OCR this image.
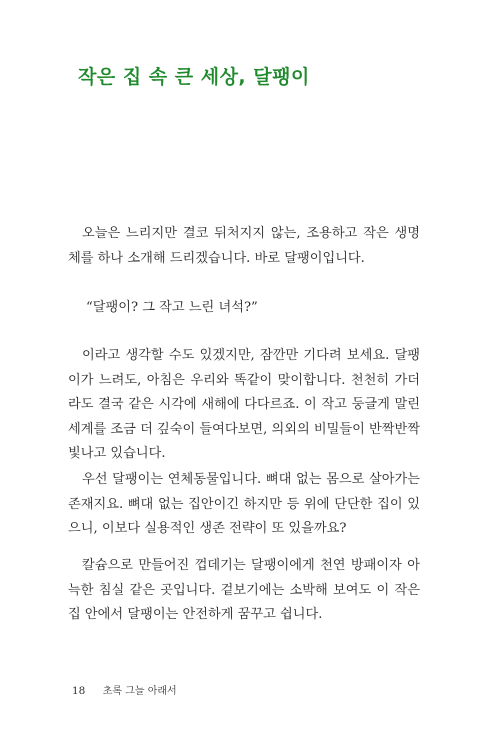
작은 집 속 큰 세상, 달팽이

오늘은 느리지만 결코 뒤처지지 않는, 조용하고 작은 생명체를 하나 소개해 드리겠습니다. 바로 달팽이입니다.

“달팽이? 그 작고 느린 녀석?”

이라고 생각할 수도 있겠지만, 잠깐만 기다려 보세요. 달팽이가 느려도, 아침은 우리와 똑같이 맞이합니다. 천천히 가더라도 결국 같은 시각에 새해에 다다르죠. 이 작고 둥글게 말린 세계를 조금 더 깊숙이 들여다보면, 의외의 비밀들이 반짝반짝 빛나고 있습니다.

우선 달팽이는 연체동물입니다. 뼈대 없는 몸으로 살아가는 존재지요. 뼈대 없는 집안이긴 하지만 등 위에 단단한 집이 있으니, 이보다 실용적인 생존 전략이 또 있을까요?

칼슘으로 만들어진 껍데기는 달팽이에게 천연 방패이자 아늑한 침실 같은 곳입니다. 겉보기에는 소박해 보여도 이 작은 집 안에서 달팽이는 안전하게 꿈꾸고 쉽니다.

18 초록 그늘 아래서
